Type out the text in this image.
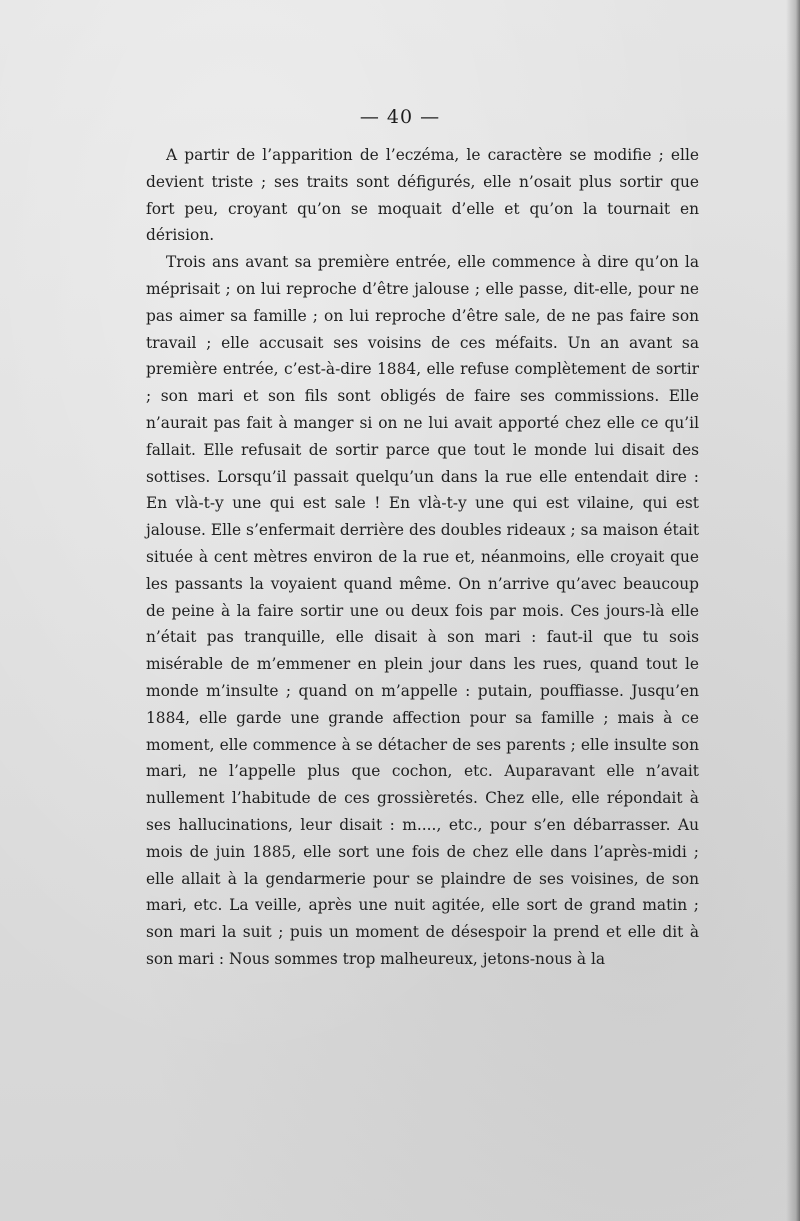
— 40 —

A partir de l’apparition de l’eczéma, le caractère se modifie ; elle devient triste ; ses traits sont défigurés, elle n’osait plus sortir que fort peu, croyant qu’on se moquait d’elle et qu’on la tournait en dérision.

Trois ans avant sa première entrée, elle commence à dire qu’on la méprisait ; on lui reproche d’être jalouse ; elle passe, dit-elle, pour ne pas aimer sa famille ; on lui reproche d’être sale, de ne pas faire son travail ; elle accusait ses voisins de ces méfaits. Un an avant sa première entrée, c’est-à-dire 1884, elle refuse complètement de sortir ; son mari et son fils sont obligés de faire ses commissions. Elle n’aurait pas fait à manger si on ne lui avait apporté chez elle ce qu’il fallait. Elle refusait de sortir parce que tout le monde lui disait des sottises. Lorsqu’il passait quelqu’un dans la rue elle entendait dire : En vlà-t-y une qui est sale ! En vlà-t-y une qui est vilaine, qui est jalouse. Elle s’enfermait derrière des doubles rideaux ; sa maison était située à cent mètres environ de la rue et, néanmoins, elle croyait que les passants la voyaient quand même. On n’arrive qu’avec beaucoup de peine à la faire sortir une ou deux fois par mois. Ces jours-là elle n’était pas tranquille, elle disait à son mari : faut-il que tu sois misérable de m’emmener en plein jour dans les rues, quand tout le monde m’insulte ; quand on m’appelle : putain, pouffiasse. Jusqu’en 1884, elle garde une grande affection pour sa famille ; mais à ce moment, elle commence à se détacher de ses parents ; elle insulte son mari, ne l’appelle plus que cochon, etc. Auparavant elle n’avait nullement l’habitude de ces grossièretés. Chez elle, elle répondait à ses hallucinations, leur disait : m...., etc., pour s’en débarrasser. Au mois de juin 1885, elle sort une fois de chez elle dans l’après-midi ; elle allait à la gendarmerie pour se plaindre de ses voisines, de son mari, etc. La veille, après une nuit agitée, elle sort de grand matin ; son mari la suit ; puis un moment de désespoir la prend et elle dit à son mari : Nous sommes trop malheureux, jetons-nous à la
